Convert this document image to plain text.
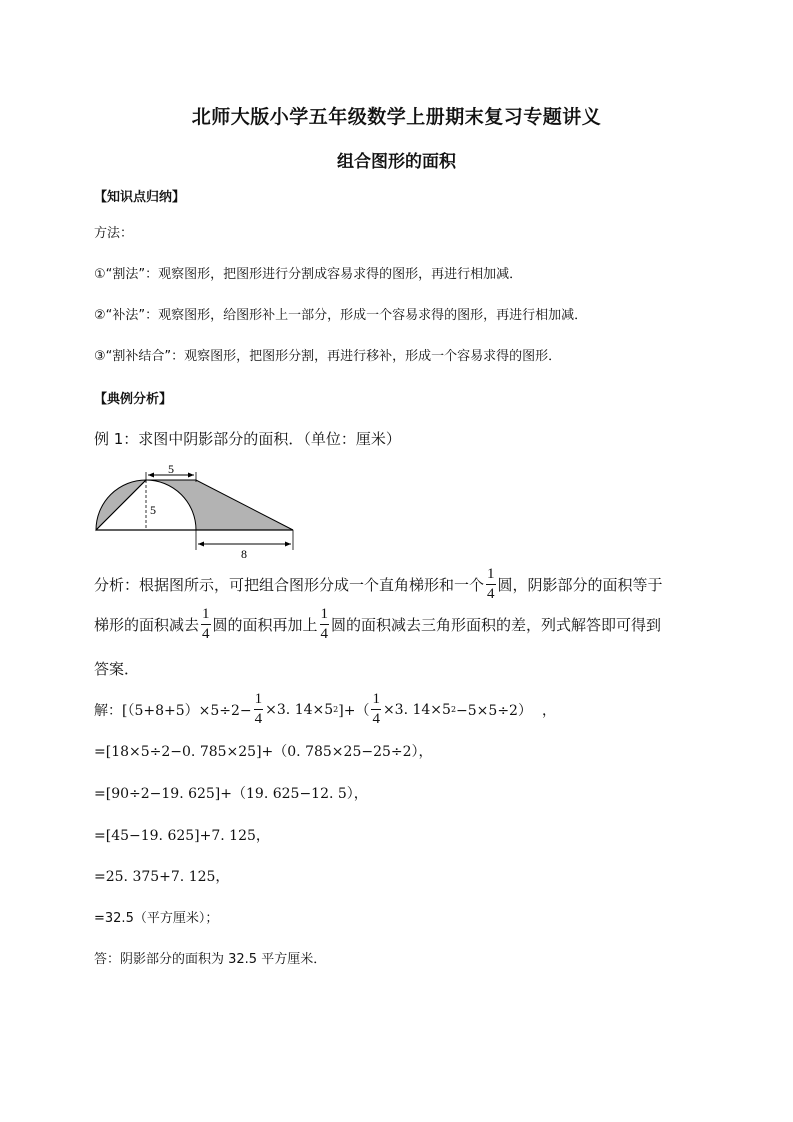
北师大版小学五年级数学上册期末复习专题讲义
组合图形的面积
【知识点归纳】
方法：
①“割法”：观察图形，把图形进行分割成容易求得的图形，再进行相加减．
②“补法”：观察图形，给图形补上一部分，形成一个容易求得的图形，再进行相加减．
③“割补结合”：观察图形，把图形分割，再进行移补，形成一个容易求得的图形．
【典例分析】
例 1：求图中阴影部分的面积．（单位：厘米）
5
5
8
分析：根据图所示，可把组合图形分成一个直角梯形和一个 $\frac{1}{4}$ 圆，阴影部分的面积等于
梯形的面积减去 $\frac{1}{4}$ 圆的面积再加上 $\frac{1}{4}$ 圆的面积减去三角形面积的差，列式解答即可得到
答案．
解：[$(5+8+5)\times 5\div 2- \frac{1}{4} \times 3$. 14×5 2 ]+（ $\frac{1}{4} \times 3$. 14×5 2 −5×5÷2） ，
=[18×5÷2−0. 785×25]+（0. 785×25−25÷2），
=[90÷2−19. 625]+（19. 625−12. 5），
=[45−19. 625]+7. 125，
=25. 375+7. 125，
=32.5（平方厘米）；
答：阴影部分的面积为 32.5 平方厘米．
